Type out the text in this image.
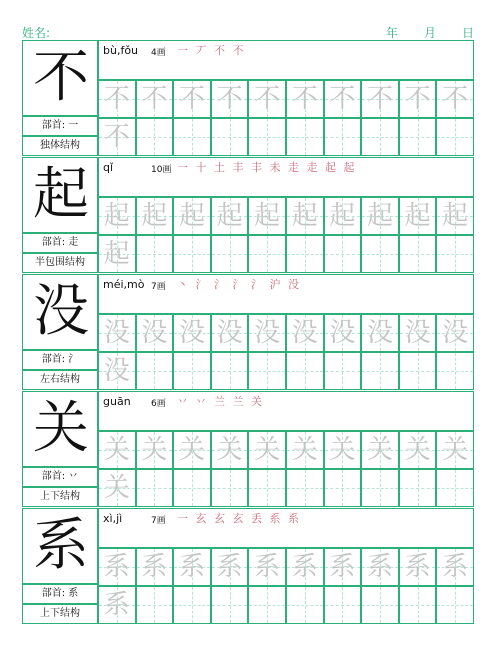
姓名:	年 月 日
不
部首: 一
独体结构
bù,fǒu 4画 一 丆 不 不
不 不 不 不 不 不 不 不 不 不
不
起
部首: 走
半包围结构
qǐ	10画 一 十 土 丰 丰 未 走 走 起 起
起 起 起 起 起 起 起 起 起 起
起
没
部首: 氵
左右结构
méi,mò 7画 丶 氵 氵 氵 氵 沪 没
没 没 没 没 没 没 没 没 没 没
没
关
部首: 丷
上下结构
guān 6画 丷 丷 兰 兰 关
关 关 关 关 关 关 关 关 关 关
关
系
部首: 系
上下结构
xì,jì	7画 一 玄 玄 玄 丢 系 系
系 系 系 系 系 系 系 系 系 系
系
